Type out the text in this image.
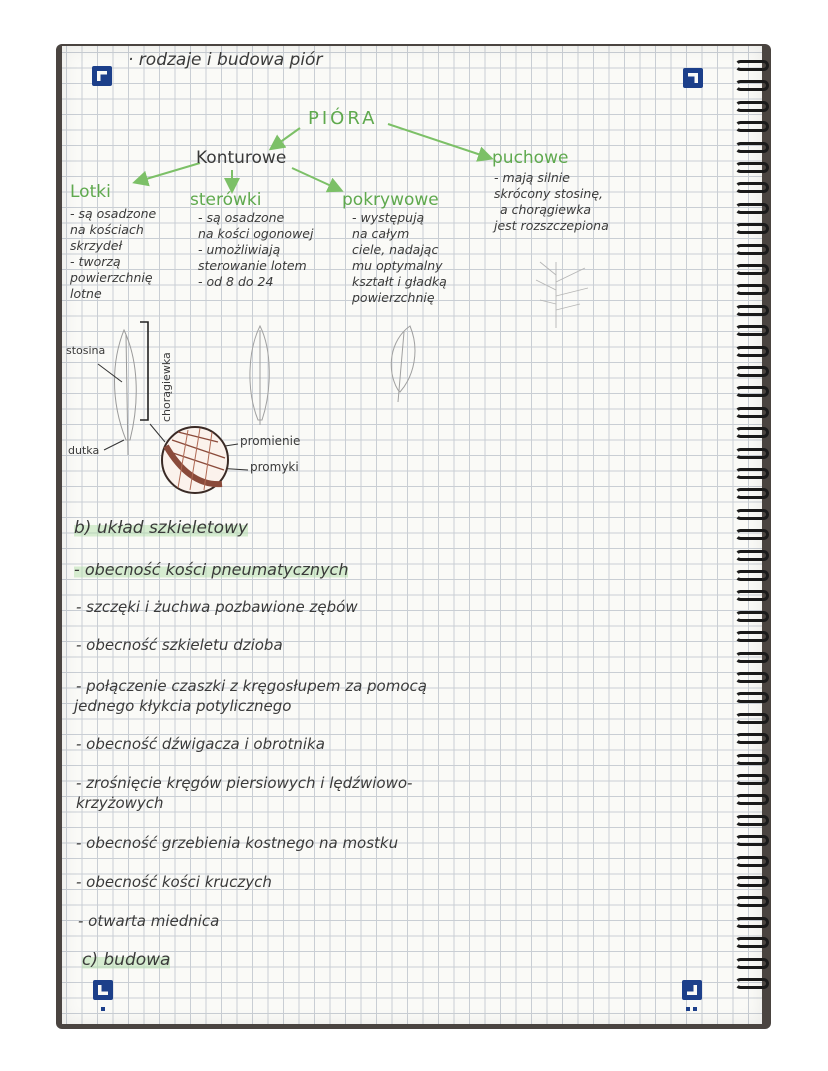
· rodzaje i budowa piór
PIÓRA
Konturowe	puchowe
- mają silnie
skrócony stosinę,
a chorągiewka
jest rozszczepiona
Lotki
- są osadzone
na kościach
skrzydeł
- tworzą
powierzchnię
lotne
sterówki
- są osadzone
na kości ogonowej
- umożliwiają
sterowanie lotem
- od 8 do 24
pokrywowe
- występują
na całym
ciele, nadając
mu optymalny
kształt i gładką
powierzchnię
stosina
chorągiewka
dutka
promienie
promyki
b) układ szkieletowy
- obecność kości pneumatycznych
- szczęki i żuchwa pozbawione zębów
- obecność szkieletu dzioba
- połączenie czaszki z kręgosłupem za pomocą
jednego kłykcia potylicznego
- obecność dźwigacza i obrotnika
- zrośnięcie kręgów piersiowych i lędźwiowo-
krzyżowych
- obecność grzebienia kostnego na mostku
- obecność kości kruczych
- otwarta miednica
c) budowa
